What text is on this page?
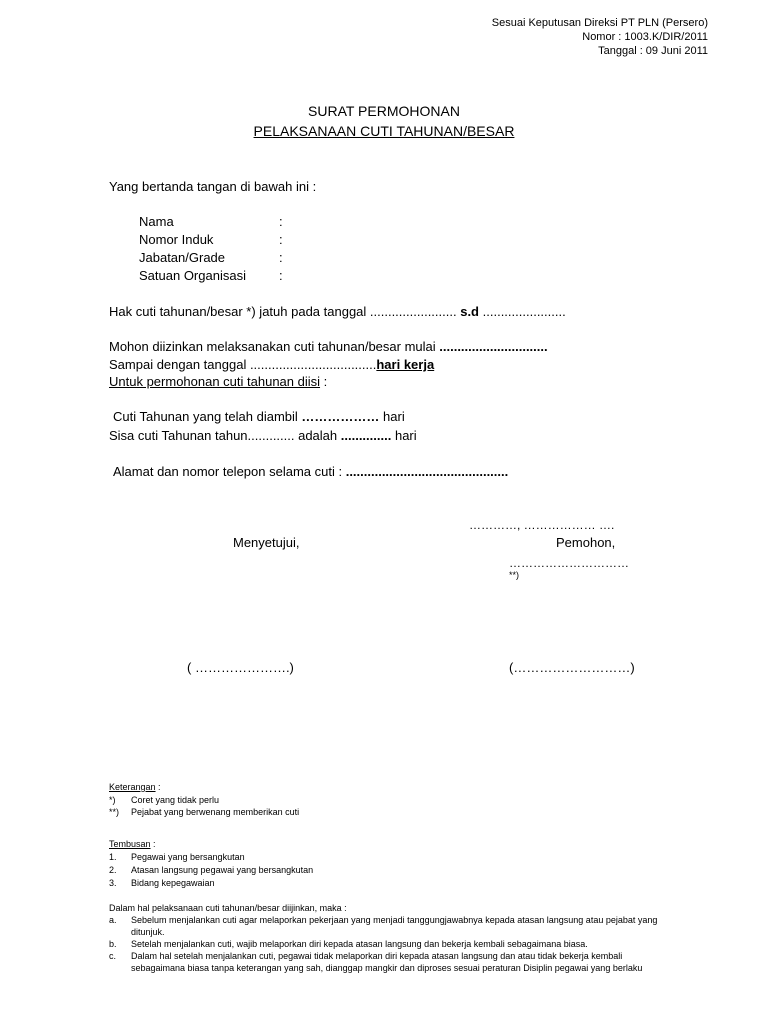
Sesuai Keputusan Direksi PT PLN (Persero)
Nomor : 1003.K/DIR/2011
Tanggal : 09 Juni 2011
SURAT PERMOHONAN
PELAKSANAAN CUTI TAHUNAN/BESAR
Yang bertanda tangan di bawah ini :
Nama	:
Nomor Induk	:
Jabatan/Grade	:
Satuan Organisasi	:
Hak cuti tahunan/besar *) jatuh pada tanggal ........................ s.d .......................
Mohon diizinkan melaksanakan cuti tahunan/besar mulai ..............................
Sampai dengan tanggal ...................................hari kerja
Untuk permohonan cuti tahunan diisi :
Cuti Tahunan yang telah diambil ……………… hari
Sisa cuti Tahunan tahun............. adalah .............. hari
Alamat dan nomor telepon selama cuti : .............................................
…………, ……………… ….
Menyetujui,	Pemohon,
…………………………
**)
( ………………….)	(………………………)
Keterangan :
*) Coret yang tidak perlu
**) Pejabat yang berwenang memberikan cuti
Tembusan :
1. Pegawai yang bersangkutan
2. Atasan langsung pegawai yang bersangkutan
3. Bidang kepegawaian
Dalam hal pelaksanaan cuti tahunan/besar diijinkan, maka :
a.	Sebelum menjalankan cuti agar melaporkan pekerjaan yang menjadi tanggungjawabnya kepada atasan langsung atau pejabat yang ditunjuk.
b.	Setelah menjalankan cuti, wajib melaporkan diri kepada atasan langsung dan bekerja kembali sebagaimana biasa.
c.	Dalam hal setelah menjalankan cuti, pegawai tidak melaporkan diri kepada atasan langsung dan atau tidak bekerja kembali sebagaimana biasa tanpa keterangan yang sah, dianggap mangkir dan diproses sesuai peraturan Disiplin pegawai yang berlaku
